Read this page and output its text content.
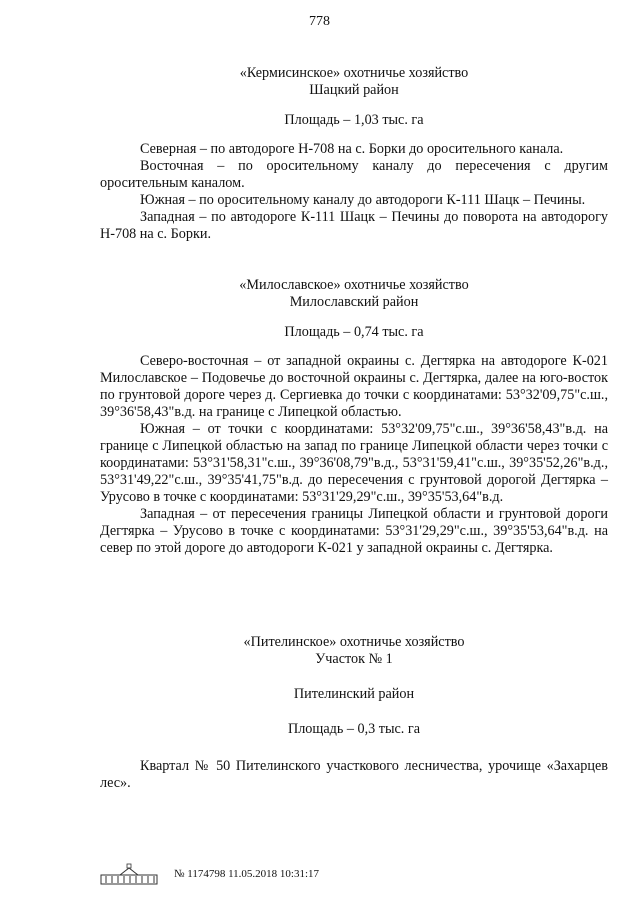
778
«Кермисинское» охотничье хозяйство
Шацкий район
Площадь – 1,03 тыс. га

Северная – по автодороге Н-708 на с. Борки до оросительного канала.

Восточная – по оросительному каналу до пересечения с другим оросительным каналом.

Южная – по оросительному каналу до автодороги К-111 Шацк – Печины.

Западная – по автодороге К-111 Шацк – Печины до поворота на автодорогу Н-708 на с. Борки.

«Милославское» охотничье хозяйство
Милославский район
Площадь – 0,74 тыс. га

Северо-восточная – от западной окраины с. Дегтярка на автодороге К-021 Милославское – Подовечье до восточной окраины с. Дегтярка, далее на юго-восток по грунтовой дороге через д. Сергиевка до точки с координатами: 53°32'09,75"с.ш., 39°36'58,43"в.д. на границе с Липецкой областью.

Южная – от точки с координатами: 53°32'09,75"с.ш., 39°36'58,43"в.д. на границе с Липецкой областью на запад по границе Липецкой области через точки с координатами: 53°31'58,31"с.ш., 39°36'08,79"в.д., 53°31'59,41"с.ш., 39°35'52,26"в.д., 53°31'49,22"с.ш., 39°35'41,75"в.д. до пересечения с грунтовой дорогой Дегтярка – Урусово в точке с координатами: 53°31'29,29"с.ш., 39°35'53,64"в.д.

Западная – от пересечения границы Липецкой области и грунтовой дороги Дегтярка – Урусово в точке с координатами: 53°31'29,29"с.ш., 39°35'53,64"в.д. на север по этой дороге до автодороги К-021 у западной окраины с. Дегтярка.

«Пителинское» охотничье хозяйство
Участок № 1
Пителинский район
Площадь – 0,3 тыс. га

Квартал № 50 Пителинского участкового лесничества, урочище «Захарцев лес».

№ 1174798 11.05.2018 10:31:17
